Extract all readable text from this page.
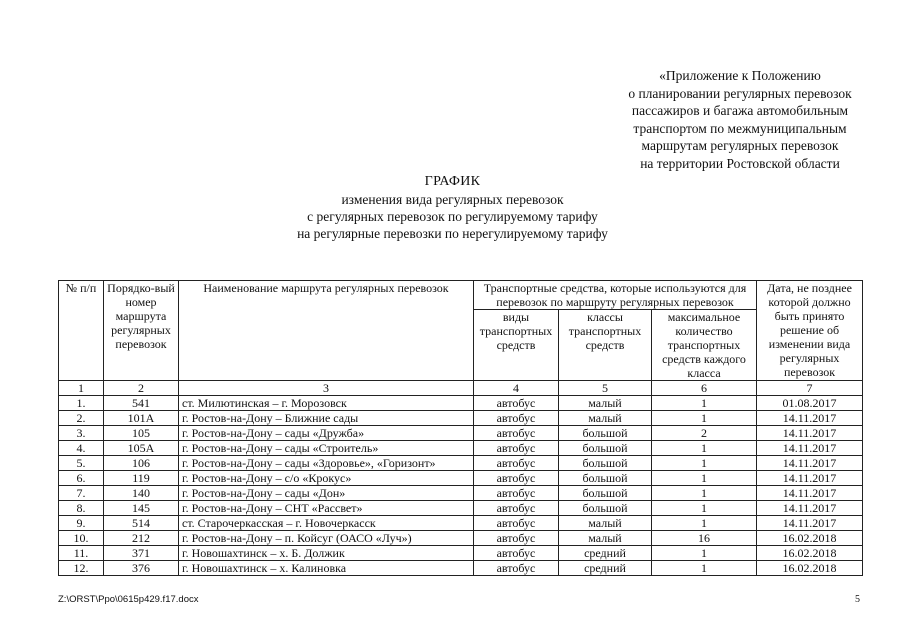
«Приложение к Положению
о планировании регулярных перевозок
пассажиров и багажа автомобильным
транспортом по межмуниципальным
маршрутам регулярных перевозок
на территории Ростовской области
ГРАФИК
изменения вида регулярных перевозок
с регулярных перевозок по регулируемому тарифу
на регулярные перевозки по нерегулируемому тарифу
№ п/п	Порядко-вый номер маршрута регулярных перевозок	Наименование маршрута регулярных перевозок	Транспортные средства, которые используются для перевозок по маршруту регулярных перевозок			Дата, не позднее которой должно быть принято решение об изменении вида регулярных перевозок
			виды транспортных средств	классы транспортных средств	максимальное количество транспортных средств каждого класса	
1	2	3	4	5	6	7
1.	541	ст. Милютинская – г. Морозовск	автобус	малый	1	01.08.2017
2.	101А	г. Ростов-на-Дону – Ближние сады	автобус	малый	1	14.11.2017
3.	105	г. Ростов-на-Дону – сады «Дружба»	автобус	большой	2	14.11.2017
4.	105А	г. Ростов-на-Дону – сады «Строитель»	автобус	большой	1	14.11.2017
5.	106	г. Ростов-на-Дону – сады «Здоровье», «Горизонт»	автобус	большой	1	14.11.2017
6.	119	г. Ростов-на-Дону – с/о «Крокус»	автобус	большой	1	14.11.2017
7.	140	г. Ростов-на-Дону – сады «Дон»	автобус	большой	1	14.11.2017
8.	145	г. Ростов-на-Дону – СНТ «Рассвет»	автобус	большой	1	14.11.2017
9.	514	ст. Старочеркасская – г. Новочеркасск	автобус	малый	1	14.11.2017
10.	212	г. Ростов-на-Дону – п. Койсуг (ОАСО «Луч»)	автобус	малый	16	16.02.2018
11.	371	г. Новошахтинск – х. Б. Должик	автобус	средний	1	16.02.2018
12.	376	г. Новошахтинск – х. Калиновка	автобус	средний	1	16.02.2018
Z:\ORST\Ppo\0615p429.f17.docx	5
